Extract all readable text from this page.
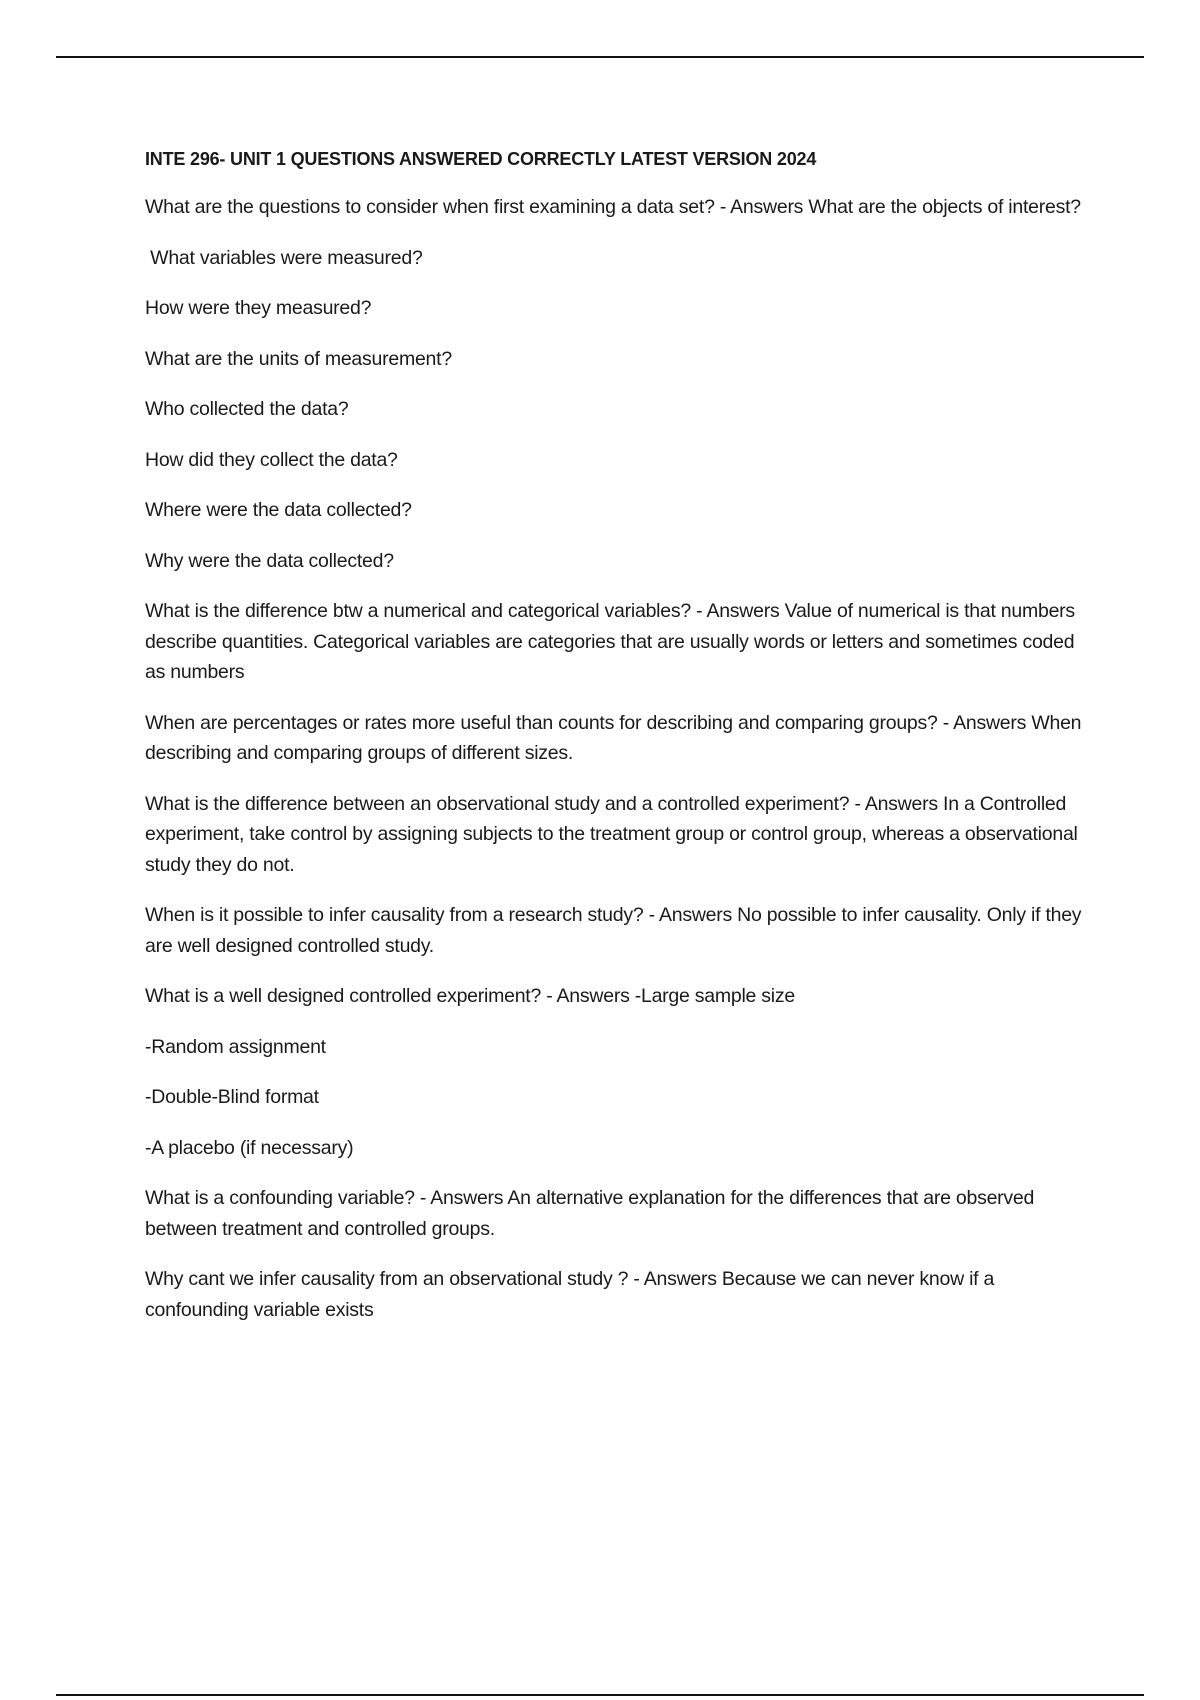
INTE 296- UNIT 1 QUESTIONS ANSWERED CORRECTLY LATEST VERSION 2024

What are the questions to consider when first examining a data set? - Answers What are the objects of interest?

What variables were measured?

How were they measured?

What are the units of measurement?

Who collected the data?

How did they collect the data?

Where were the data collected?

Why were the data collected?

What is the difference btw a numerical and categorical variables? - Answers Value of numerical is that numbers describe quantities. Categorical variables are categories that are usually words or letters and sometimes coded as numbers

When are percentages or rates more useful than counts for describing and comparing groups? - Answers When describing and comparing groups of different sizes.

What is the difference between an observational study and a controlled experiment? - Answers In a Controlled experiment, take control by assigning subjects to the treatment group or control group, whereas a observational study they do not.

When is it possible to infer causality from a research study? - Answers No possible to infer causality. Only if they are well designed controlled study.

What is a well designed controlled experiment? - Answers -Large sample size

-Random assignment

-Double-Blind format

-A placebo (if necessary)

What is a confounding variable? - Answers An alternative explanation for the differences that are observed between treatment and controlled groups.

Why cant we infer causality from an observational study ? - Answers Because we can never know if a confounding variable exists
